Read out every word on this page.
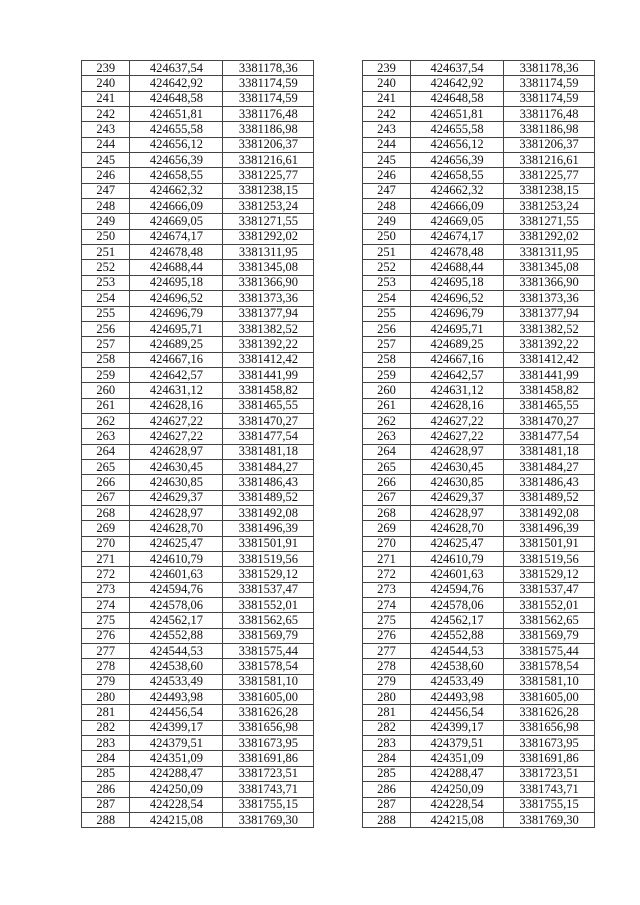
239	424637,54	3381178,36		239	424637,54	3381178,36
240	424642,92	3381174,59		240	424642,92	3381174,59
241	424648,58	3381174,59		241	424648,58	3381174,59
242	424651,81	3381176,48		242	424651,81	3381176,48
243	424655,58	3381186,98		243	424655,58	3381186,98
244	424656,12	3381206,37		244	424656,12	3381206,37
245	424656,39	3381216,61		245	424656,39	3381216,61
246	424658,55	3381225,77		246	424658,55	3381225,77
247	424662,32	3381238,15		247	424662,32	3381238,15
248	424666,09	3381253,24		248	424666,09	3381253,24
249	424669,05	3381271,55		249	424669,05	3381271,55
250	424674,17	3381292,02		250	424674,17	3381292,02
251	424678,48	3381311,95		251	424678,48	3381311,95
252	424688,44	3381345,08		252	424688,44	3381345,08
253	424695,18	3381366,90		253	424695,18	3381366,90
254	424696,52	3381373,36		254	424696,52	3381373,36
255	424696,79	3381377,94		255	424696,79	3381377,94
256	424695,71	3381382,52		256	424695,71	3381382,52
257	424689,25	3381392,22		257	424689,25	3381392,22
258	424667,16	3381412,42		258	424667,16	3381412,42
259	424642,57	3381441,99		259	424642,57	3381441,99
260	424631,12	3381458,82		260	424631,12	3381458,82
261	424628,16	3381465,55		261	424628,16	3381465,55
262	424627,22	3381470,27		262	424627,22	3381470,27
263	424627,22	3381477,54		263	424627,22	3381477,54
264	424628,97	3381481,18		264	424628,97	3381481,18
265	424630,45	3381484,27		265	424630,45	3381484,27
266	424630,85	3381486,43		266	424630,85	3381486,43
267	424629,37	3381489,52		267	424629,37	3381489,52
268	424628,97	3381492,08		268	424628,97	3381492,08
269	424628,70	3381496,39		269	424628,70	3381496,39
270	424625,47	3381501,91		270	424625,47	3381501,91
271	424610,79	3381519,56		271	424610,79	3381519,56
272	424601,63	3381529,12		272	424601,63	3381529,12
273	424594,76	3381537,47		273	424594,76	3381537,47
274	424578,06	3381552,01		274	424578,06	3381552,01
275	424562,17	3381562,65		275	424562,17	3381562,65
276	424552,88	3381569,79		276	424552,88	3381569,79
277	424544,53	3381575,44		277	424544,53	3381575,44
278	424538,60	3381578,54		278	424538,60	3381578,54
279	424533,49	3381581,10		279	424533,49	3381581,10
280	424493,98	3381605,00		280	424493,98	3381605,00
281	424456,54	3381626,28		281	424456,54	3381626,28
282	424399,17	3381656,98		282	424399,17	3381656,98
283	424379,51	3381673,95		283	424379,51	3381673,95
284	424351,09	3381691,86		284	424351,09	3381691,86
285	424288,47	3381723,51		285	424288,47	3381723,51
286	424250,09	3381743,71		286	424250,09	3381743,71
287	424228,54	3381755,15		287	424228,54	3381755,15
288	424215,08	3381769,30		288	424215,08	3381769,30
